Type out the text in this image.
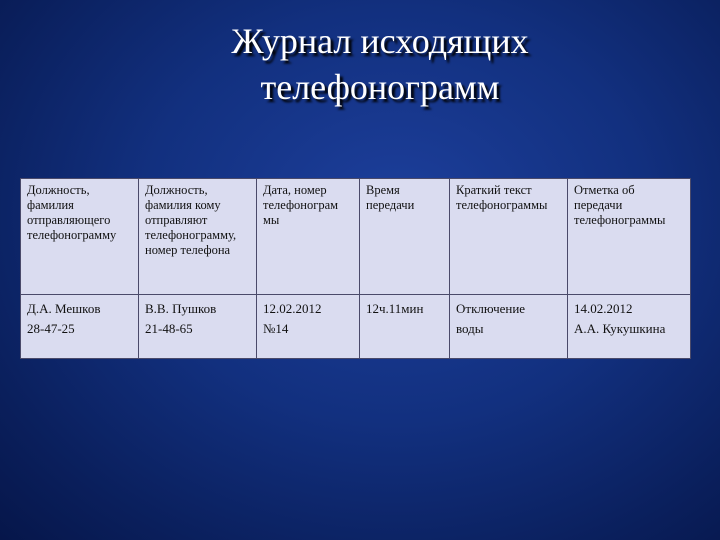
Журнал исходящих
телефонограмм
Должность,
фамилия
отправляющего
телефонограмму	Должность,
фамилия кому
отправляют
телефонограмму,
номер телефона	Дата, номер
телефонограм
мы	Время
передачи	Краткий текст
телефонограммы	Отметка об
передачи
телефонограммы
Д.А. Мешков
28-47-25	В.В. Пушков
21-48-65	12.02.2012
№14	12ч.11мин	Отключение
воды	14.02.2012
А.А. Кукушкина
